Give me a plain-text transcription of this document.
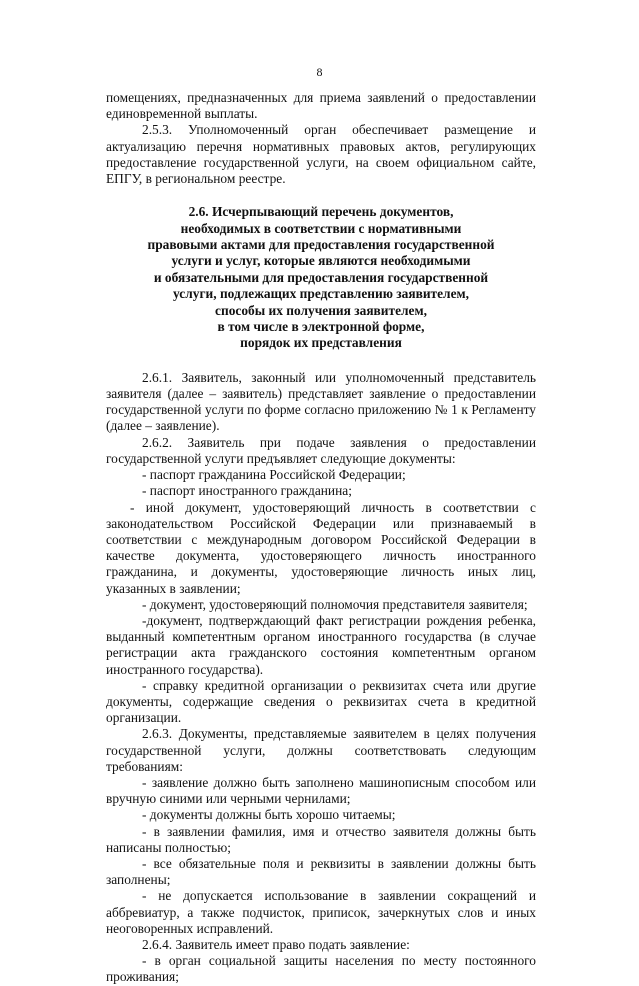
8

помещениях, предназначенных для приема заявлений о предоставлении единовременной выплаты.

2.5.3. Уполномоченный орган обеспечивает размещение и актуализацию перечня нормативных правовых актов, регулирующих предоставление государственной услуги, на своем официальном сайте, ЕПГУ, в региональном реестре.

2.6. Исчерпывающий перечень документов,
необходимых в соответствии с нормативными
правовыми актами для предоставления государственной
услуги и услуг, которые являются необходимыми
и обязательными для предоставления государственной
услуги, подлежащих представлению заявителем,
способы их получения заявителем,
в том числе в электронной форме,
порядок их представления

2.6.1. Заявитель, законный или уполномоченный представитель заявителя (далее – заявитель) представляет заявление о предоставлении государственной услуги по форме согласно приложению № 1 к Регламенту (далее – заявление).

2.6.2. Заявитель при подаче заявления о предоставлении государственной услуги предъявляет следующие документы:

- паспорт гражданина Российской Федерации;

- паспорт иностранного гражданина;

- иной документ, удостоверяющий личность в соответствии с законодательством Российской Федерации или признаваемый в соответствии с международным договором Российской Федерации в качестве документа, удостоверяющего личность иностранного гражданина, и документы, удостоверяющие личность иных лиц, указанных в заявлении;

- документ, удостоверяющий полномочия представителя заявителя;

-документ, подтверждающий факт регистрации рождения ребенка, выданный компетентным органом иностранного государства (в случае регистрации акта гражданского состояния компетентным органом иностранного государства).

- справку кредитной организации о реквизитах счета или другие документы, содержащие сведения о реквизитах счета в кредитной организации.

2.6.3. Документы, представляемые заявителем в целях получения государственной услуги, должны соответствовать следующим требованиям:

- заявление должно быть заполнено машинописным способом или вручную синими или черными чернилами;

- документы должны быть хорошо читаемы;

- в заявлении фамилия, имя и отчество заявителя должны быть написаны полностью;

- все обязательные поля и реквизиты в заявлении должны быть заполнены;

- не допускается использование в заявлении сокращений и аббревиатур, а также подчисток, приписок, зачеркнутых слов и иных неоговоренных исправлений.

2.6.4. Заявитель имеет право подать заявление:

- в орган социальной защиты населения по месту постоянного проживания;
